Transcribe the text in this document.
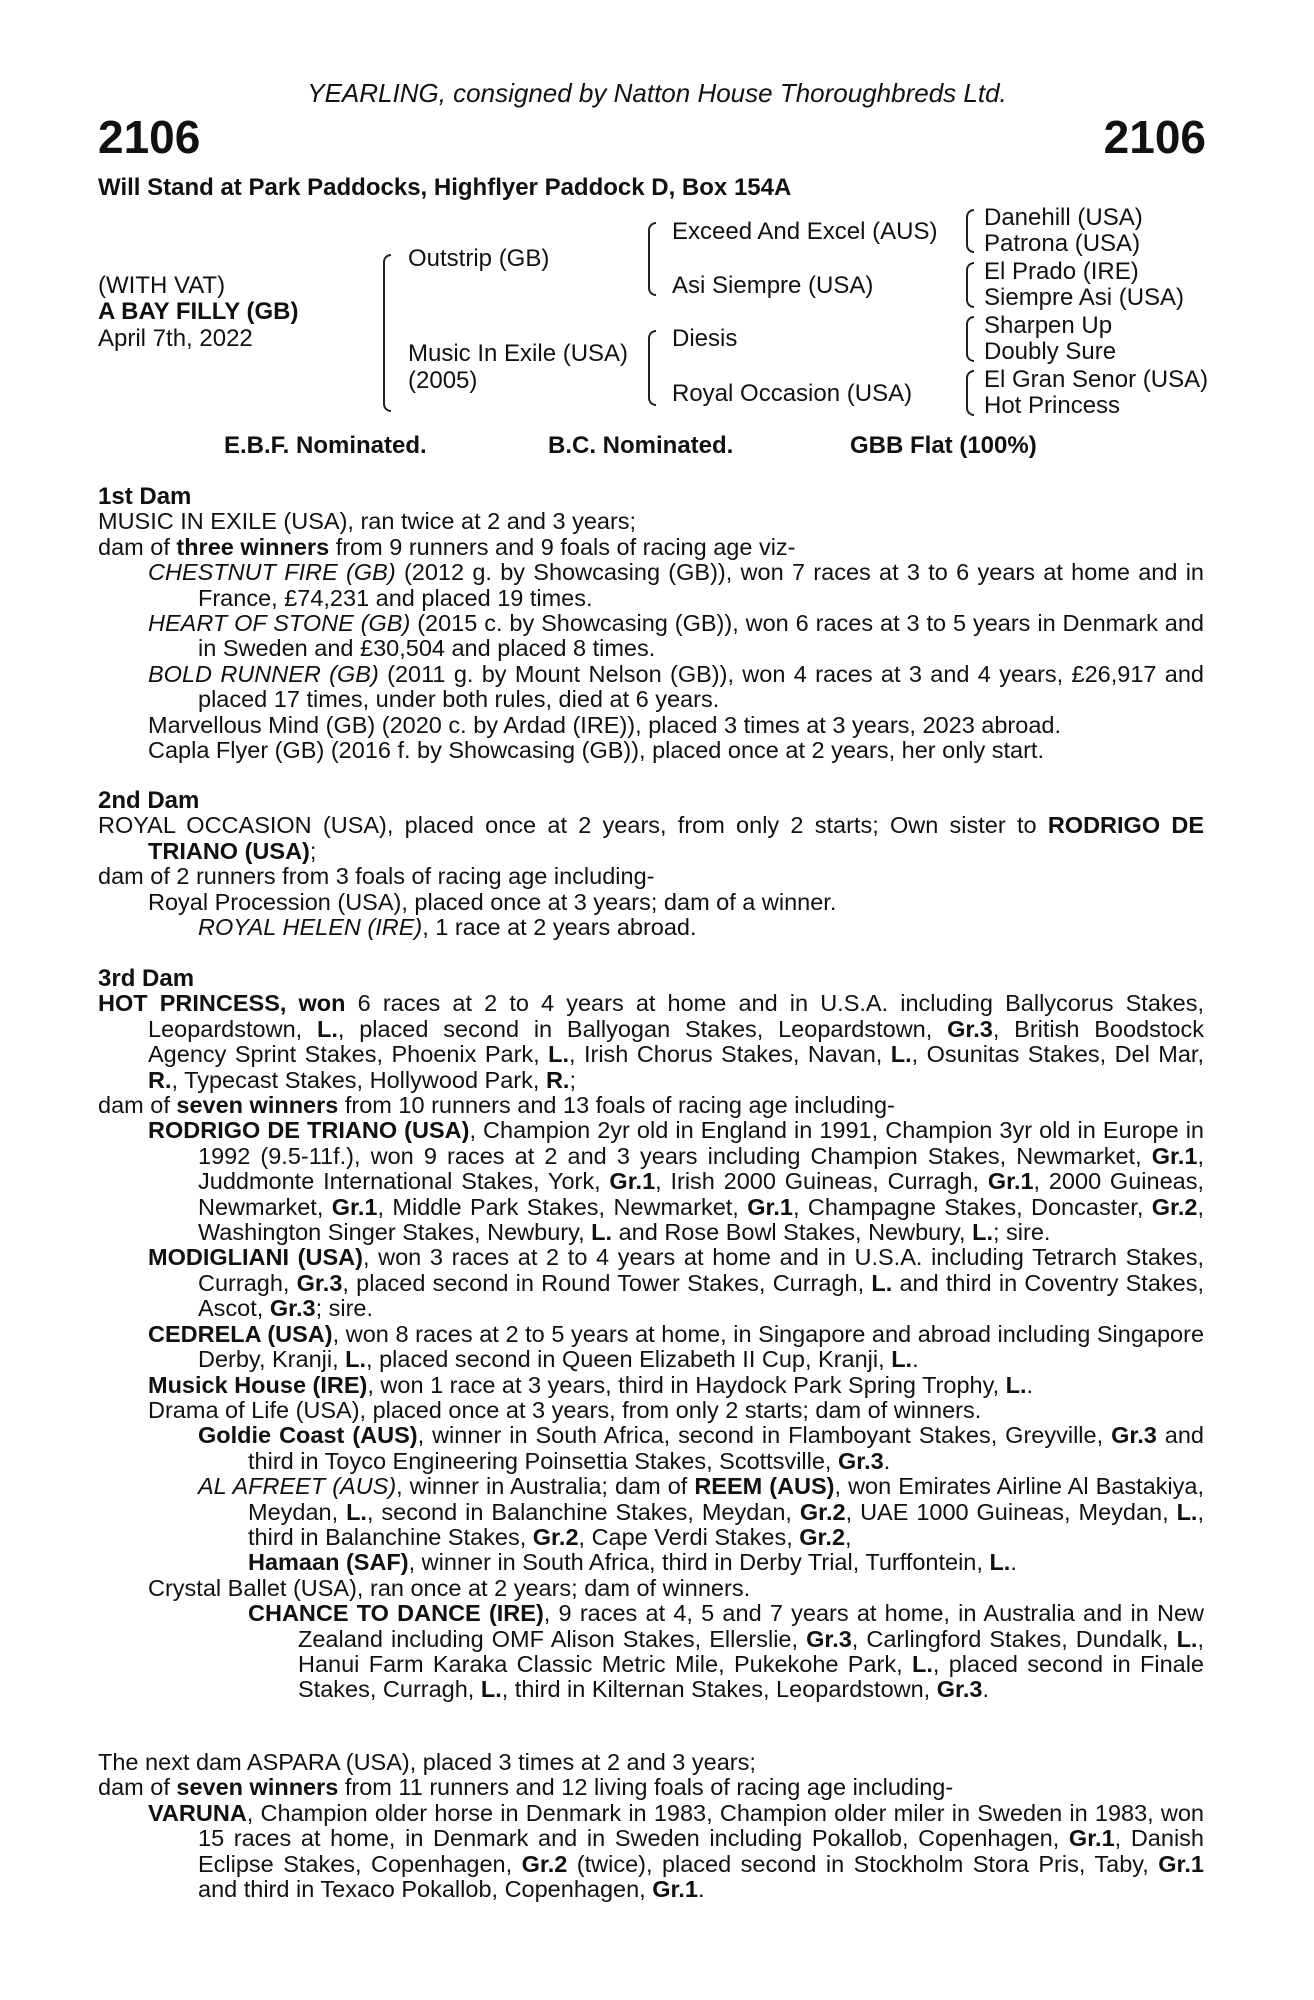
YEARLING, consigned by Natton House Thoroughbreds Ltd.
2106	2106
Will Stand at Park Paddocks, Highflyer Paddock D, Box 154A
(WITH VAT)
A BAY FILLY (GB)
April 7th, 2022
Outstrip (GB)
Music In Exile (USA)
(2005)
Exceed And Excel (AUS)
Asi Siempre (USA)
Diesis
Royal Occasion (USA)
Danehill (USA)
Patrona (USA)
El Prado (IRE)
Siempre Asi (USA)
Sharpen Up
Doubly Sure
El Gran Senor (USA)
Hot Princess
E.B.F. Nominated.	B.C. Nominated.	GBB Flat (100%)
1st Dam
MUSIC IN EXILE (USA), ran twice at 2 and 3 years;
dam of three winners from 9 runners and 9 foals of racing age viz-
CHESTNUT FIRE (GB) (2012 g. by Showcasing (GB)), won 7 races at 3 to 6 years at home and in France, £74,231 and placed 19 times.
HEART OF STONE (GB) (2015 c. by Showcasing (GB)), won 6 races at 3 to 5 years in Denmark and in Sweden and £30,504 and placed 8 times.
BOLD RUNNER (GB) (2011 g. by Mount Nelson (GB)), won 4 races at 3 and 4 years, £26,917 and placed 17 times, under both rules, died at 6 years.
Marvellous Mind (GB) (2020 c. by Ardad (IRE)), placed 3 times at 3 years, 2023 abroad.
Capla Flyer (GB) (2016 f. by Showcasing (GB)), placed once at 2 years, her only start.
2nd Dam
ROYAL OCCASION (USA), placed once at 2 years, from only 2 starts; Own sister to RODRIGO DE TRIANO (USA);
dam of 2 runners from 3 foals of racing age including-
Royal Procession (USA), placed once at 3 years; dam of a winner.
ROYAL HELEN (IRE), 1 race at 2 years abroad.
3rd Dam
HOT PRINCESS, won 6 races at 2 to 4 years at home and in U.S.A. including Ballycorus Stakes, Leopardstown, L., placed second in Ballyogan Stakes, Leopardstown, Gr.3, British Boodstock Agency Sprint Stakes, Phoenix Park, L., Irish Chorus Stakes, Navan, L., Osunitas Stakes, Del Mar, R., Typecast Stakes, Hollywood Park, R.;
dam of seven winners from 10 runners and 13 foals of racing age including-
RODRIGO DE TRIANO (USA), Champion 2yr old in England in 1991, Champion 3yr old in Europe in 1992 (9.5-11f.), won 9 races at 2 and 3 years including Champion Stakes, Newmarket, Gr.1, Juddmonte International Stakes, York, Gr.1, Irish 2000 Guineas, Curragh, Gr.1, 2000 Guineas, Newmarket, Gr.1, Middle Park Stakes, Newmarket, Gr.1, Champagne Stakes, Doncaster, Gr.2, Washington Singer Stakes, Newbury, L. and Rose Bowl Stakes, Newbury, L.; sire.
MODIGLIANI (USA), won 3 races at 2 to 4 years at home and in U.S.A. including Tetrarch Stakes, Curragh, Gr.3, placed second in Round Tower Stakes, Curragh, L. and third in Coventry Stakes, Ascot, Gr.3; sire.
CEDRELA (USA), won 8 races at 2 to 5 years at home, in Singapore and abroad including Singapore Derby, Kranji, L., placed second in Queen Elizabeth II Cup, Kranji, L..
Musick House (IRE), won 1 race at 3 years, third in Haydock Park Spring Trophy, L..
Drama of Life (USA), placed once at 3 years, from only 2 starts; dam of winners.
Goldie Coast (AUS), winner in South Africa, second in Flamboyant Stakes, Greyville, Gr.3 and third in Toyco Engineering Poinsettia Stakes, Scottsville, Gr.3.
AL AFREET (AUS), winner in Australia; dam of REEM (AUS), won Emirates Airline Al Bastakiya, Meydan, L., second in Balanchine Stakes, Meydan, Gr.2, UAE 1000 Guineas, Meydan, L., third in Balanchine Stakes, Gr.2, Cape Verdi Stakes, Gr.2,
Hamaan (SAF), winner in South Africa, third in Derby Trial, Turffontein, L..
Crystal Ballet (USA), ran once at 2 years; dam of winners.
CHANCE TO DANCE (IRE), 9 races at 4, 5 and 7 years at home, in Australia and in New Zealand including OMF Alison Stakes, Ellerslie, Gr.3, Carlingford Stakes, Dundalk, L., Hanui Farm Karaka Classic Metric Mile, Pukekohe Park, L., placed second in Finale Stakes, Curragh, L., third in Kilternan Stakes, Leopardstown, Gr.3.
The next dam ASPARA (USA), placed 3 times at 2 and 3 years;
dam of seven winners from 11 runners and 12 living foals of racing age including-
VARUNA, Champion older horse in Denmark in 1983, Champion older miler in Sweden in 1983, won 15 races at home, in Denmark and in Sweden including Pokallob, Copenhagen, Gr.1, Danish Eclipse Stakes, Copenhagen, Gr.2 (twice), placed second in Stockholm Stora Pris, Taby, Gr.1 and third in Texaco Pokallob, Copenhagen, Gr.1.
